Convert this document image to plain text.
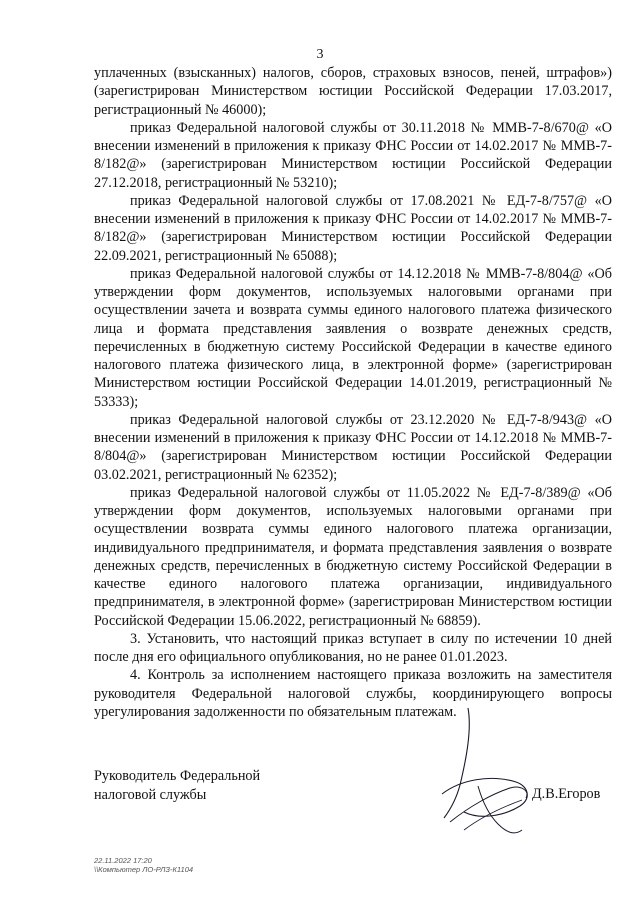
3

уплаченных (взысканных) налогов, сборов, страховых взносов, пеней, штрафов») (зарегистрирован Министерством юстиции Российской Федерации 17.03.2017, регистрационный № 46000);

приказ Федеральной налоговой службы от 30.11.2018 № ММВ-7-8/670@ «О внесении изменений в приложения к приказу ФНС России от 14.02.2017 № ММВ-7-8/182@» (зарегистрирован Министерством юстиции Российской Федерации 27.12.2018, регистрационный № 53210);

приказ Федеральной налоговой службы от 17.08.2021 № ЕД-7-8/757@ «О внесении изменений в приложения к приказу ФНС России от 14.02.2017 № ММВ-7-8/182@» (зарегистрирован Министерством юстиции Российской Федерации 22.09.2021, регистрационный № 65088);

приказ Федеральной налоговой службы от 14.12.2018 № ММВ-7-8/804@ «Об утверждении форм документов, используемых налоговыми органами при осуществлении зачета и возврата суммы единого налогового платежа физического лица и формата представления заявления о возврате денежных средств, перечисленных в бюджетную систему Российской Федерации в качестве единого налогового платежа физического лица, в электронной форме» (зарегистрирован Министерством юстиции Российской Федерации 14.01.2019, регистрационный № 53333);

приказ Федеральной налоговой службы от 23.12.2020 № ЕД-7-8/943@ «О внесении изменений в приложения к приказу ФНС России от 14.12.2018 № ММВ-7-8/804@» (зарегистрирован Министерством юстиции Российской Федерации 03.02.2021, регистрационный № 62352);

приказ Федеральной налоговой службы от 11.05.2022 № ЕД-7-8/389@ «Об утверждении форм документов, используемых налоговыми органами при осуществлении возврата суммы единого налогового платежа организации, индивидуального предпринимателя, и формата представления заявления о возврате денежных средств, перечисленных в бюджетную систему Российской Федерации в качестве единого налогового платежа организации, индивидуального предпринимателя, в электронной форме» (зарегистрирован Министерством юстиции Российской Федерации 15.06.2022, регистрационный № 68859).

3. Установить, что настоящий приказ вступает в силу по истечении 10 дней после дня его официального опубликования, но не ранее 01.01.2023.

4. Контроль за исполнением настоящего приказа возложить на заместителя руководителя Федеральной налоговой службы, координирующего вопросы урегулирования задолженности по обязательным платежам.

Руководитель Федеральной
налоговой службы	Д.В.Егоров
22.11.2022 17:20
\\Компьютер ЛО-РЛЗ-К1104
